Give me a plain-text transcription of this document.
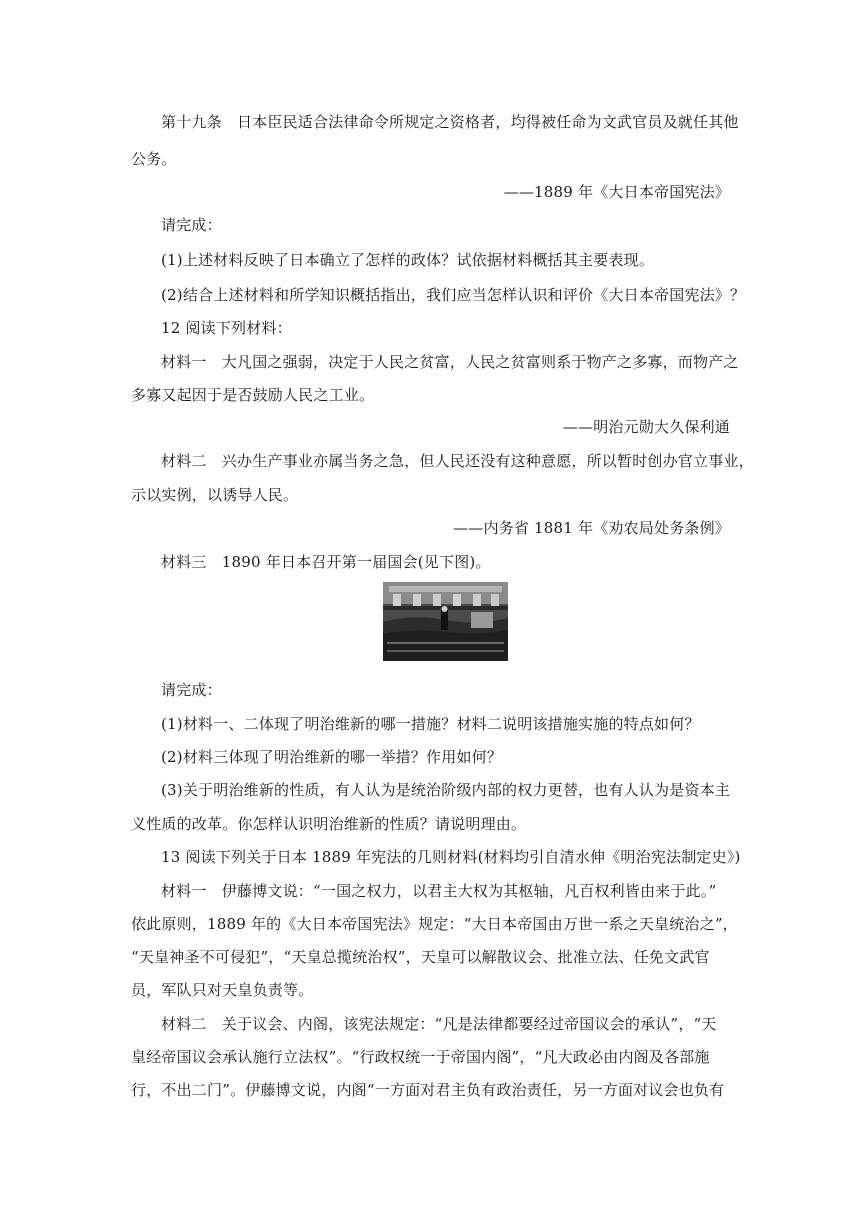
第十九条　日本臣民适合法律命令所规定之资格者，均得被任命为文武官员及就任其他
公务。
——1889 年《大日本帝国宪法》
请完成：
(1)上述材料反映了日本确立了怎样的政体？试依据材料概括其主要表现。
(2)结合上述材料和所学知识概括指出，我们应当怎样认识和评价《大日本帝国宪法》？
12 阅读下列材料：
材料一　大凡国之强弱，决定于人民之贫富，人民之贫富则系于物产之多寡，而物产之
多寡又起因于是否鼓励人民之工业。
——明治元勋大久保利通
材料二　兴办生产事业亦属当务之急，但人民还没有这种意愿，所以暂时创办官立事业，
示以实例，以诱导人民。
——内务省 1881 年《劝农局处务条例》
材料三　1890 年日本召开第一届国会(见下图)。
请完成：
(1)材料一、二体现了明治维新的哪一措施？材料二说明该措施实施的特点如何？
(2)材料三体现了明治维新的哪一举措？作用如何？
(3)关于明治维新的性质，有人认为是统治阶级内部的权力更替，也有人认为是资本主
义性质的改革。你怎样认识明治维新的性质？请说明理由。
13 阅读下列关于日本 1889 年宪法的几则材料(材料均引自清水伸《明治宪法制定史》)
材料一　伊藤博文说：“一国之权力，以君主大权为其枢轴，凡百权利皆由来于此。”
依此原则，1889 年的《大日本帝国宪法》规定：“大日本帝国由万世一系之天皇统治之”，
“天皇神圣不可侵犯”，“天皇总揽统治权”，天皇可以解散议会、批准立法、任免文武官
员，军队只对天皇负责等。
材料二　关于议会、内阁，该宪法规定：“凡是法律都要经过帝国议会的承认”，“天
皇经帝国议会承认施行立法权”。“行政权统一于帝国内阁”，“凡大政必由内阁及各部施
行，不出二门”。伊藤博文说，内阁“一方面对君主负有政治责任，另一方面对议会也负有
